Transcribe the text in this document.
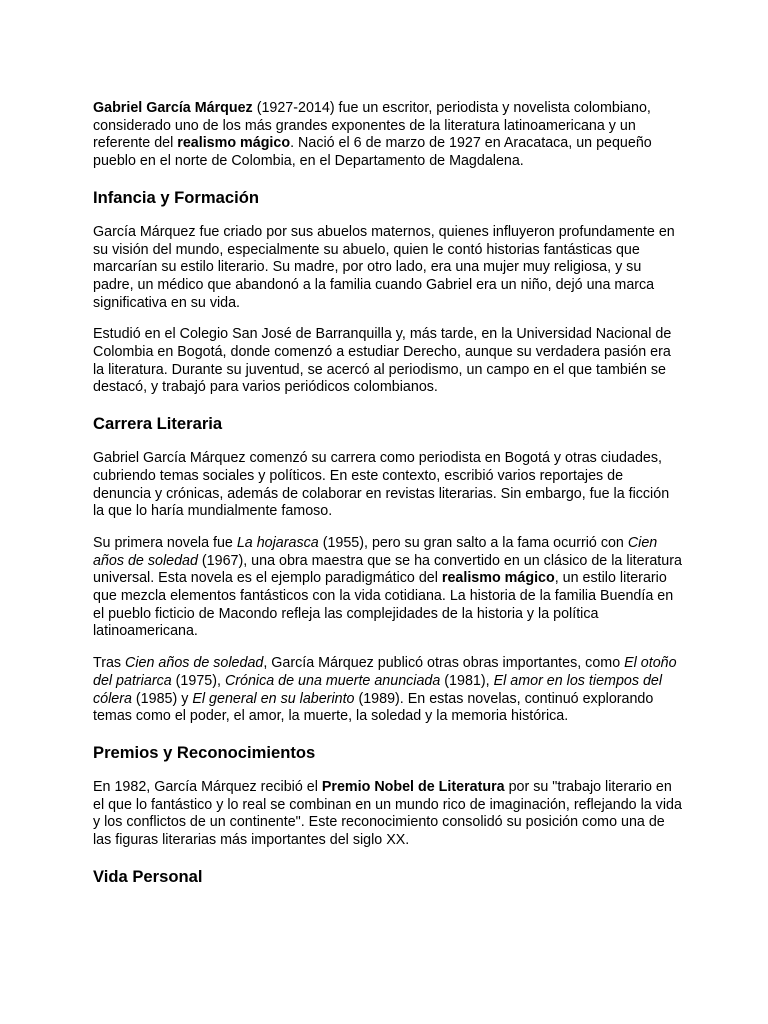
Gabriel García Márquez (1927-2014) fue un escritor, periodista y novelista colombiano, considerado uno de los más grandes exponentes de la literatura latinoamericana y un referente del realismo mágico. Nació el 6 de marzo de 1927 en Aracataca, un pequeño pueblo en el norte de Colombia, en el Departamento de Magdalena.

Infancia y Formación

García Márquez fue criado por sus abuelos maternos, quienes influyeron profundamente en su visión del mundo, especialmente su abuelo, quien le contó historias fantásticas que marcarían su estilo literario. Su madre, por otro lado, era una mujer muy religiosa, y su padre, un médico que abandonó a la familia cuando Gabriel era un niño, dejó una marca significativa en su vida.

Estudió en el Colegio San José de Barranquilla y, más tarde, en la Universidad Nacional de Colombia en Bogotá, donde comenzó a estudiar Derecho, aunque su verdadera pasión era la literatura. Durante su juventud, se acercó al periodismo, un campo en el que también se destacó, y trabajó para varios periódicos colombianos.

Carrera Literaria

Gabriel García Márquez comenzó su carrera como periodista en Bogotá y otras ciudades, cubriendo temas sociales y políticos. En este contexto, escribió varios reportajes de denuncia y crónicas, además de colaborar en revistas literarias. Sin embargo, fue la ficción la que lo haría mundialmente famoso.

Su primera novela fue La hojarasca (1955), pero su gran salto a la fama ocurrió con Cien años de soledad (1967), una obra maestra que se ha convertido en un clásico de la literatura universal. Esta novela es el ejemplo paradigmático del realismo mágico, un estilo literario que mezcla elementos fantásticos con la vida cotidiana. La historia de la familia Buendía en el pueblo ficticio de Macondo refleja las complejidades de la historia y la política latinoamericana.

Tras Cien años de soledad, García Márquez publicó otras obras importantes, como El otoño del patriarca (1975), Crónica de una muerte anunciada (1981), El amor en los tiempos del cólera (1985) y El general en su laberinto (1989). En estas novelas, continuó explorando temas como el poder, el amor, la muerte, la soledad y la memoria histórica.

Premios y Reconocimientos

En 1982, García Márquez recibió el Premio Nobel de Literatura por su "trabajo literario en el que lo fantástico y lo real se combinan en un mundo rico de imaginación, reflejando la vida y los conflictos de un continente". Este reconocimiento consolidó su posición como una de las figuras literarias más importantes del siglo XX.

Vida Personal
